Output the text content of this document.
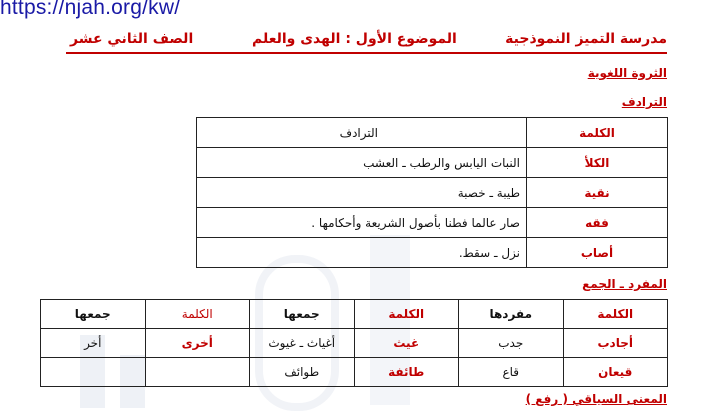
https://njah.org/kw/
مدرسة التميز النموذجية
الموضوع الأول : الهدى والعلم
الصف الثاني عشر
الثروة اللغوية
الترادف
الكلمة	الترادف
الكلأ	النبات اليابس والرطب ـ العشب
نقية	طيبة ـ خصبة
فقه	صار عالما فطنا بأصول الشريعة وأحكامها .
أصاب	نزل ـ سقط.
المفرد ـ الجمع
الكلمة	مفردها	الكلمة	جمعها	الكلمة	جمعها
أجادب	جدب	غيث	أغياث ـ غيوث	أخرى	أخر
قيعان	قاع	طائفة	طوائف		
المعنى السياقي ( رفع )
